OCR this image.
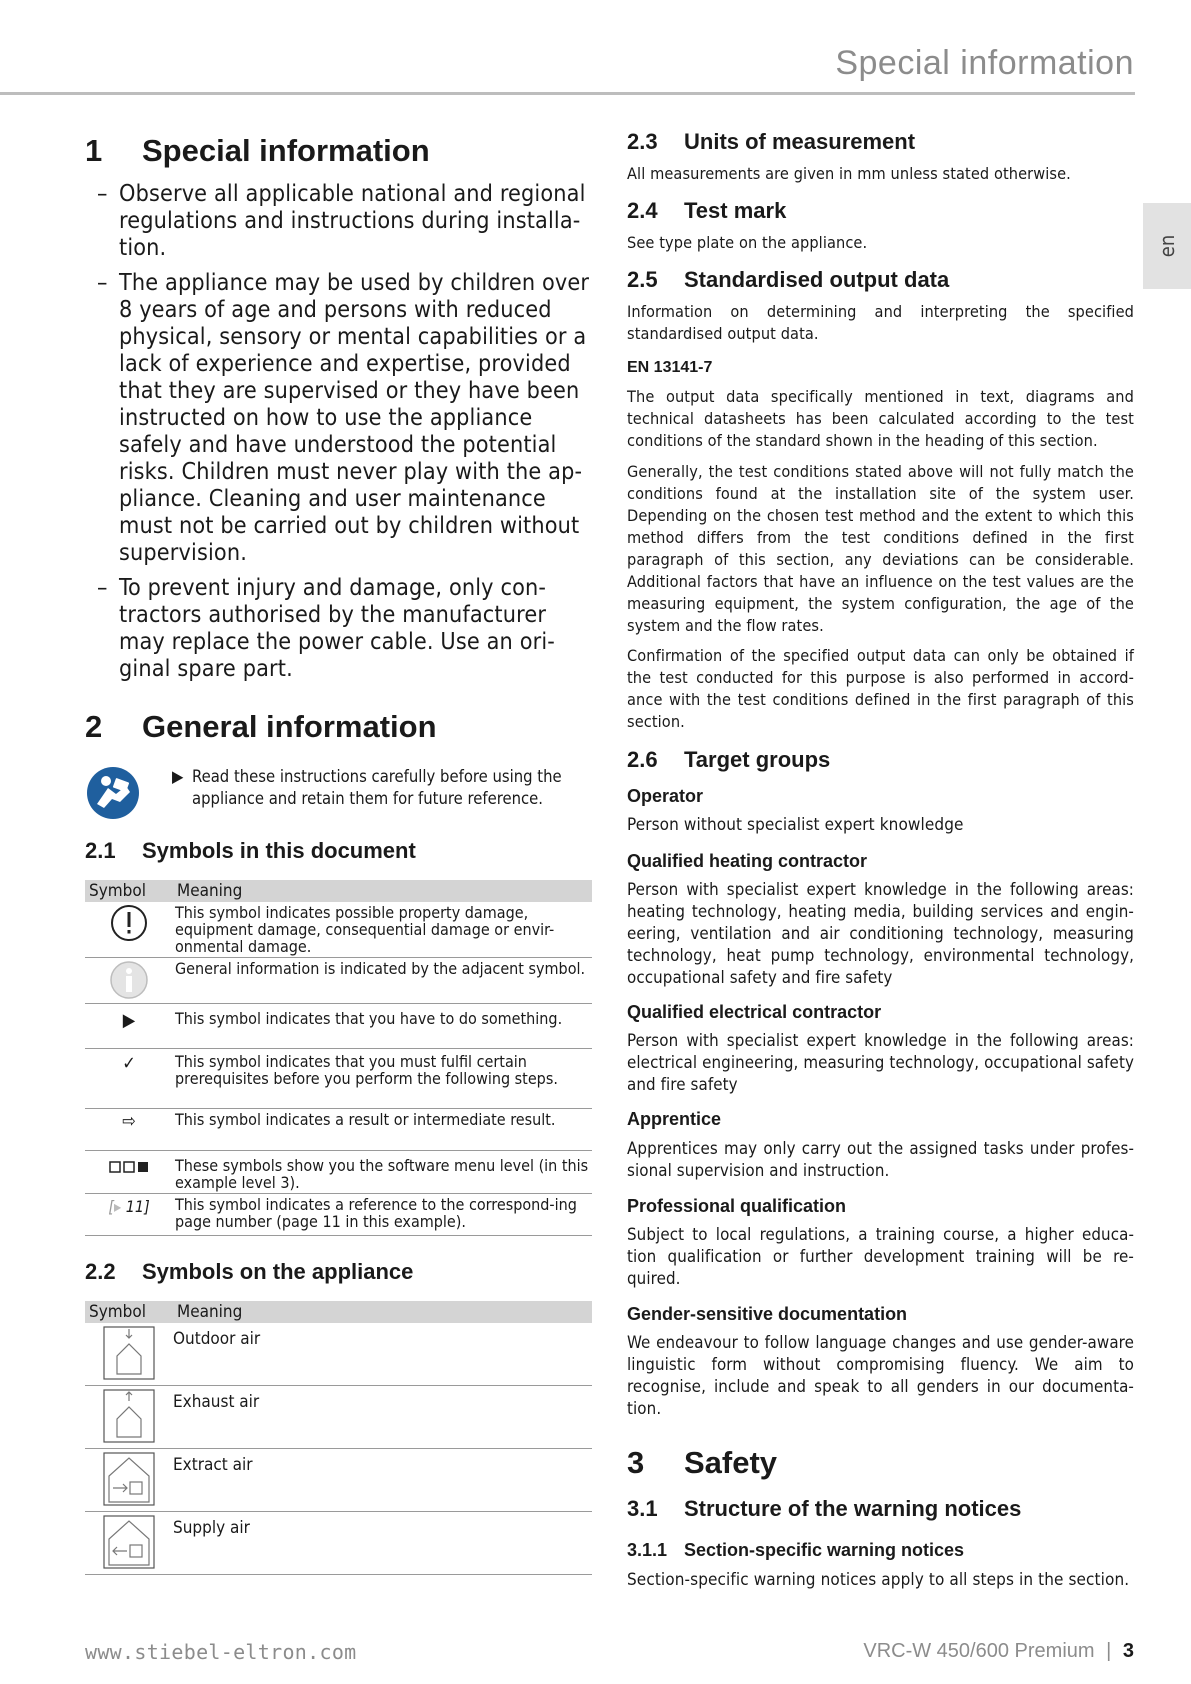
Special information
en
1	Special information
– Observe all applicable national and regional regulations and instructions during installa-tion.
– The appliance may be used by children over 8 years of age and persons with reduced physical, sensory or mental capabilities or a lack of experience and expertise, provided that they are supervised or they have been instructed on how to use the appliance safely and have understood the potential risks. Children must never play with the ap-pliance. Cleaning and user maintenance must not be carried out by children without supervision.
– To prevent injury and damage, only con-tractors authorised by the manufacturer may replace the power cable. Use an ori-ginal spare part.
2	General information
▶ Read these instructions carefully before using the appliance and retain them for future reference.
2.1	Symbols in this document
Symbol	Meaning
	This symbol indicates possible property damage, equipment damage, consequential damage or envir-onmental damage.
	General information is indicated by the adjacent symbol.
▶	This symbol indicates that you have to do something.
✓	This symbol indicates that you must fulfil certain prerequisites before you perform the following steps.
⇨	This symbol indicates a result or intermediate result.
	These symbols show you the software menu level (in this example level 3).
[▸ 11]	This symbol indicates a reference to the correspond-ing page number (page 11 in this example).
2.2	Symbols on the appliance
Symbol	Meaning
	Outdoor air
	Exhaust air
	Extract air
	Supply air
2.3	Units of measurement
All measurements are given in mm unless stated otherwise.
2.4	Test mark
See type plate on the appliance.
2.5	Standardised output data
Information on determining and interpreting the specified standardised output data.
EN 13141-7
The output data specifically mentioned in text, diagrams and technical datasheets has been calculated according to the test conditions of the standard shown in the heading of this section.
Generally, the test conditions stated above will not fully match the conditions found at the installation site of the system user. Depending on the chosen test method and the extent to which this method differs from the test conditions defined in the first paragraph of this section, any deviations can be considerable. Additional factors that have an influence on the test values are the measuring equipment, the system configuration, the age of the system and the flow rates.
Confirmation of the specified output data can only be obtained if the test conducted for this purpose is also performed in accord-ance with the test conditions defined in the first paragraph of this section.
2.6	Target groups
Operator
Person without specialist expert knowledge
Qualified heating contractor
Person with specialist expert knowledge in the following areas: heating technology, heating media, building services and engin-eering, ventilation and air conditioning technology, measuring technology, heat pump technology, environmental technology, occupational safety and fire safety
Qualified electrical contractor
Person with specialist expert knowledge in the following areas: electrical engineering, measuring technology, occupational safety and fire safety
Apprentice
Apprentices may only carry out the assigned tasks under profes-sional supervision and instruction.
Professional qualification
Subject to local regulations, a training course, a higher educa-tion qualification or further development training will be re-quired.
Gender-sensitive documentation
We endeavour to follow language changes and use gender-aware linguistic form without compromising fluency. We aim to recognise, include and speak to all genders in our documenta-tion.
3	Safety
3.1	Structure of the warning notices
3.1.1 Section-specific warning notices
Section-specific warning notices apply to all steps in the section.
www.stiebel-eltron.com	VRC-W 450/600 Premium | 3
